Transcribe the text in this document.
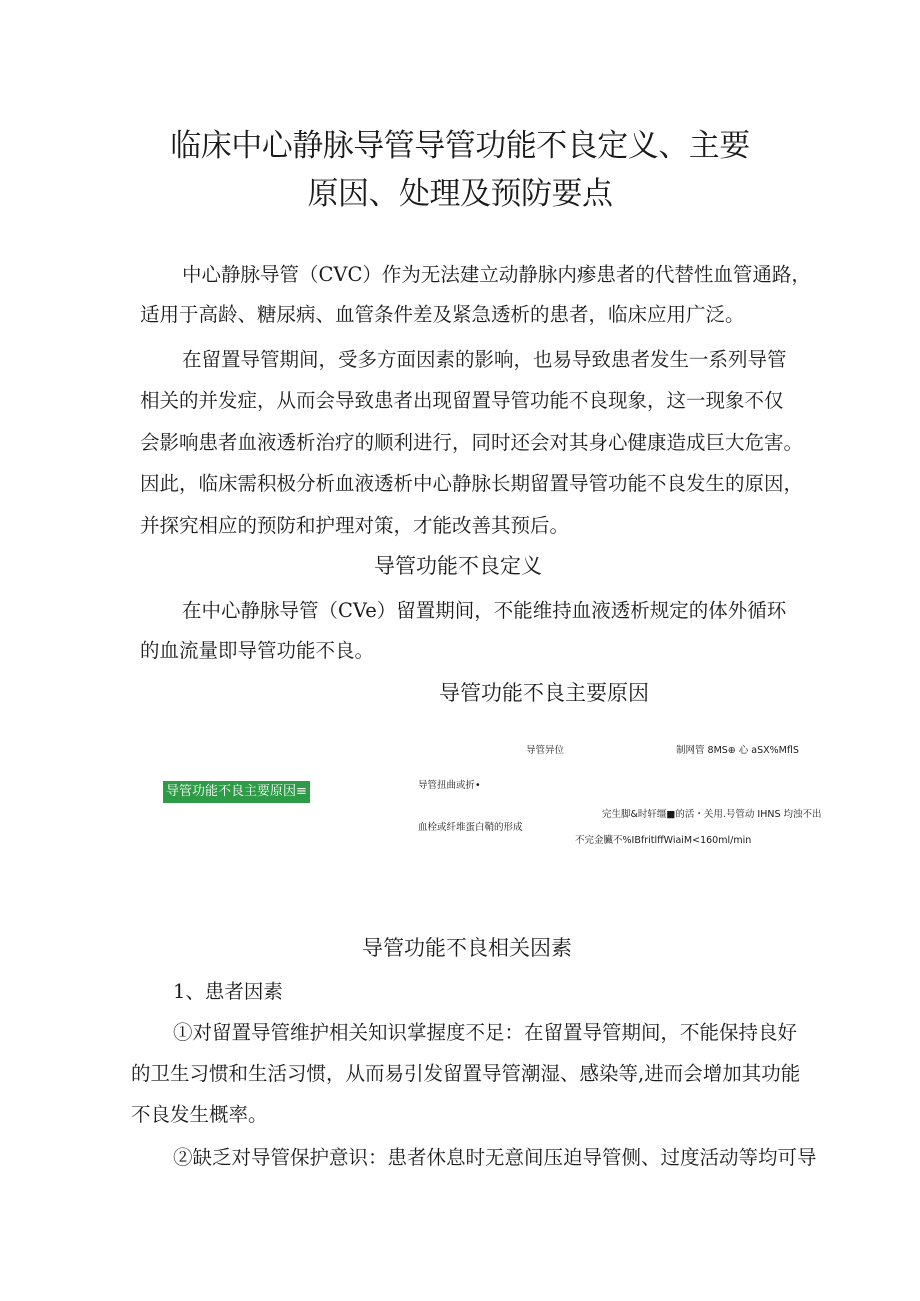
临床中心静脉导管导管功能不良定义、主要
原因、处理及预防要点
中心静脉导管（CVC）作为无法建立动静脉内瘆患者的代替性血管通路，
适用于高龄、糖尿病、血管条件差及紧急透析的患者，临床应用广泛。
在留置导管期间，受多方面因素的影响，也易导致患者发生一系列导管
相关的并发症，从而会导致患者出现留置导管功能不良现象，这一现象不仅
会影响患者血液透析治疗的顺利进行，同时还会对其身心健康造成巨大危害。
因此，临床需积极分析血液透析中心静脉长期留置导管功能不良发生的原因，
并探究相应的预防和护理对策，才能改善其预后。
导管功能不良定义
在中心静脉导管（CVe）留置期间，不能维持血液透析规定的体外循环
的血流量即导管功能不良。
导管功能不良主要原因
导管功能不良主要原因≡
导管异位	制网管 8MS⊕ 心 aSX%MflS
导管扭曲或折•
血栓或纤堆蛋白鞘的形成
完生脚&时轩缰■的活・关用.号管动 IHNS 均浊不出
不完金臟不%IBfritlffWiaiM<160ml/min
导管功能不良相关因素
1、患者因素
①对留置导管维护相关知识掌握度不足：在留置导管期间，不能保持良好
的卫生习惯和生活习惯，从而易引发留置导管潮湿、感染等,进而会增加其功能
不良发生概率。
②缺乏对导管保护意识：患者休息时无意间压迫导管侧、过度活动等均可导
